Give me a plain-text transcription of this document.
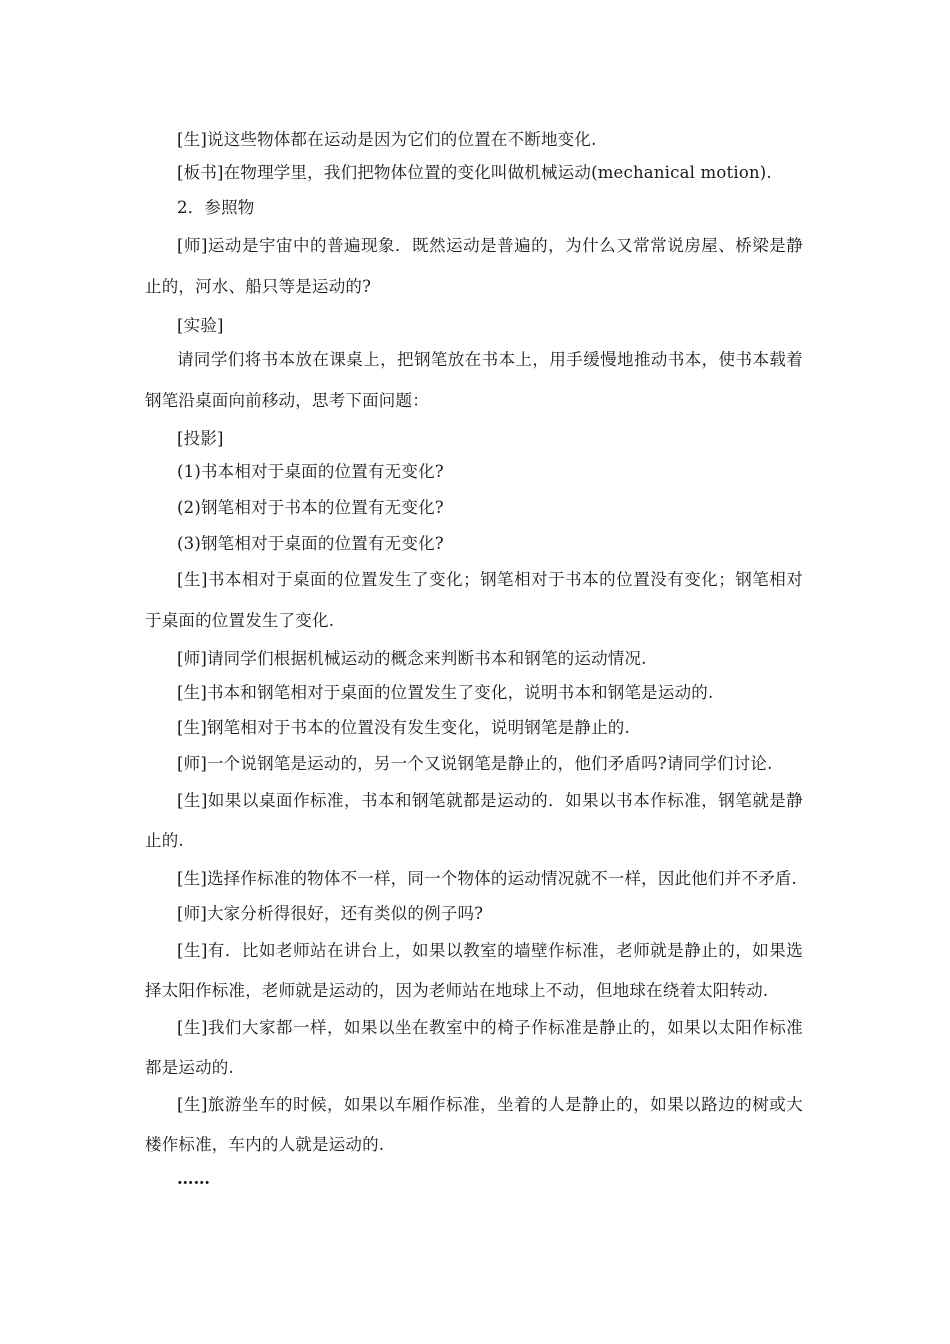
[生]说这些物体都在运动是因为它们的位置在不断地变化.
[板书]在物理学里，我们把物体位置的变化叫做机械运动(mechanical motion).
2．参照物
[师]运动是宇宙中的普遍现象．既然运动是普遍的，为什么又常常说房屋、桥梁是静
止的，河水、船只等是运动的?
[实验]
请同学们将书本放在课桌上，把钢笔放在书本上，用手缓慢地推动书本，使书本载着
钢笔沿桌面向前移动，思考下面问题：
[投影]
(1)书本相对于桌面的位置有无变化?
(2)钢笔相对于书本的位置有无变化?
(3)钢笔相对于桌面的位置有无变化?
[生]书本相对于桌面的位置发生了变化；钢笔相对于书本的位置没有变化；钢笔相对
于桌面的位置发生了变化.
[师]请同学们根据机械运动的概念来判断书本和钢笔的运动情况.
[生]书本和钢笔相对于桌面的位置发生了变化，说明书本和钢笔是运动的.
[生]钢笔相对于书本的位置没有发生变化，说明钢笔是静止的.
[师]一个说钢笔是运动的，另一个又说钢笔是静止的，他们矛盾吗?请同学们讨论.
[生]如果以桌面作标准，书本和钢笔就都是运动的．如果以书本作标准，钢笔就是静
止的.
[生]选择作标准的物体不一样，同一个物体的运动情况就不一样，因此他们并不矛盾.
[师]大家分析得很好，还有类似的例子吗?
[生]有．比如老师站在讲台上，如果以教室的墙壁作标准，老师就是静止的，如果选
择太阳作标准，老师就是运动的，因为老师站在地球上不动，但地球在绕着太阳转动.
[生]我们大家都一样，如果以坐在教室中的椅子作标准是静止的，如果以太阳作标准
都是运动的.
[生]旅游坐车的时候，如果以车厢作标准，坐着的人是静止的，如果以路边的树或大
楼作标准，车内的人就是运动的.
……
